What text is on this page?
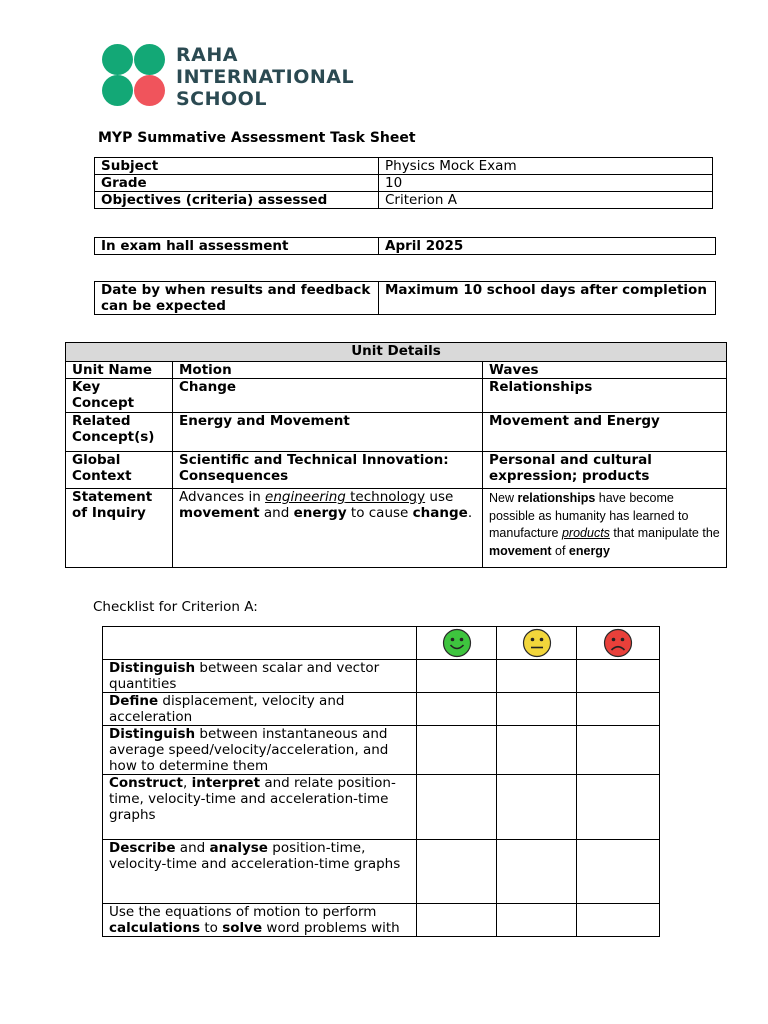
RAHA
INTERNATIONAL
SCHOOL
MYP Summative Assessment Task Sheet
Subject	Physics Mock Exam
Grade	10
Objectives (criteria) assessed	Criterion A
In exam hall assessment	April 2025
Date by when results and feedback can be expected	Maximum 10 school days after completion
Unit Details		
Unit Name	Motion	Waves
Key Concept	Change	Relationships
Related Concept(s)	Energy and Movement	Movement and Energy
Global Context	Scientific and Technical Innovation: Consequences	Personal and cultural expression; products
Statement of Inquiry	Advances in engineering technology use movement and energy to cause change.	New relationships have become possible as humanity has learned to manufacture products that manipulate the movement of energy
Checklist for Criterion A:

Distinguish between scalar and vector quantities			
Define displacement, velocity and acceleration			
Distinguish between instantaneous and average speed/velocity/acceleration, and how to determine them			
Construct, interpret and relate position-time, velocity-time and acceleration-time graphs			
Describe and analyse position-time, velocity-time and acceleration-time graphs			
Use the equations of motion to perform calculations to solve word problems with			
